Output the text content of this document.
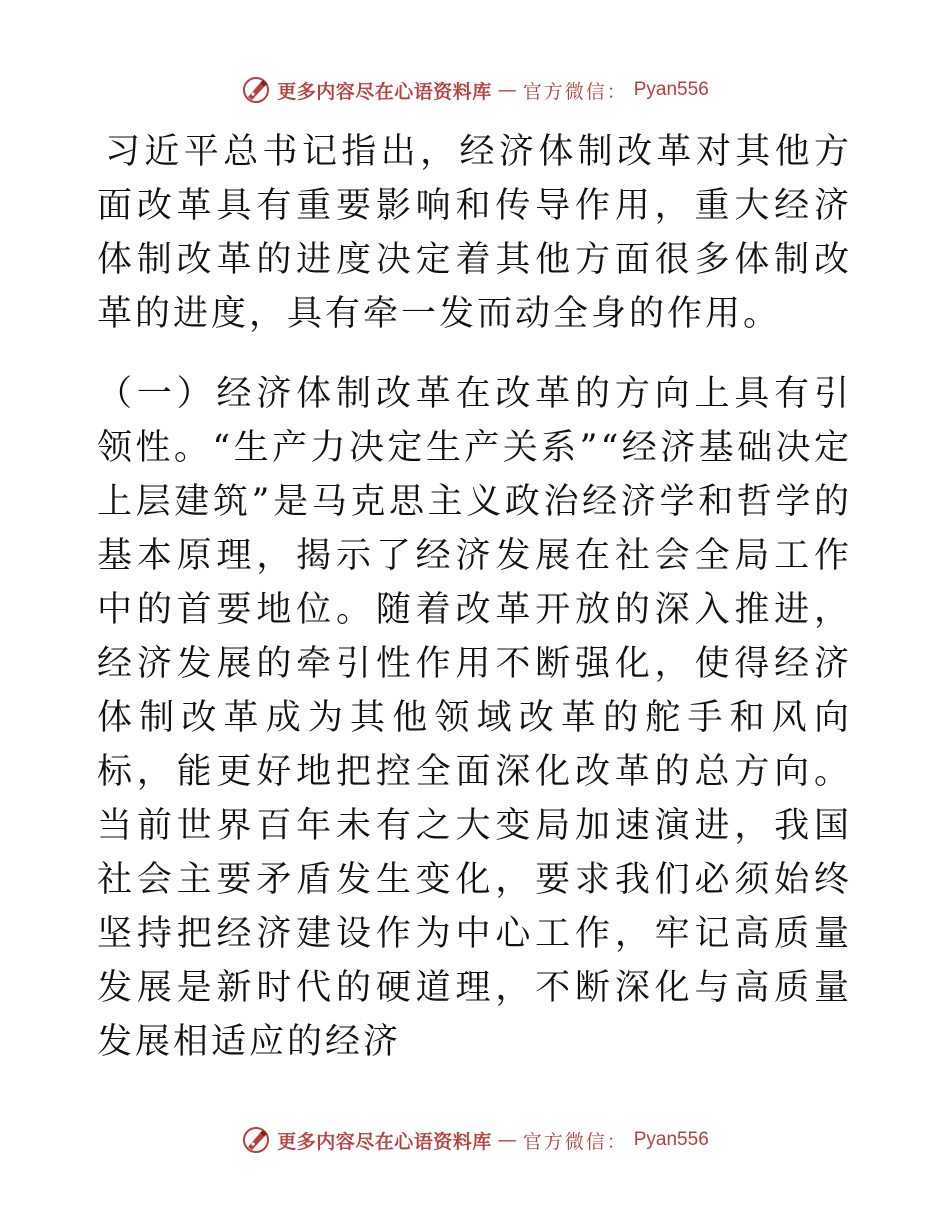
更多内容尽在心语资料库 — 官方微信： Pyan556

习近平总书记指出，经济体制改革对其他方面改革具有重要影响和传导作用，重大经济体制改革的进度决定着其他方面很多体制改革的进度，具有牵一发而动全身的作用。

（一）经济体制改革在改革的方向上具有引领性。“生产力决定生产关系”“经济基础决定上层建筑”是马克思主义政治经济学和哲学的基本原理，揭示了经济发展在社会全局工作中的首要地位。随着改革开放的深入推进，经济发展的牵引性作用不断强化，使得经济体制改革成为其他领域改革的舵手和风向标，能更好地把控全面深化改革的总方向。当前世界百年未有之大变局加速演进，我国社会主要矛盾发生变化，要求我们必须始终坚持把经济建设作为中心工作，牢记高质量发展是新时代的硬道理，不断深化与高质量发展相适应的经济

更多内容尽在心语资料库 — 官方微信： Pyan556
